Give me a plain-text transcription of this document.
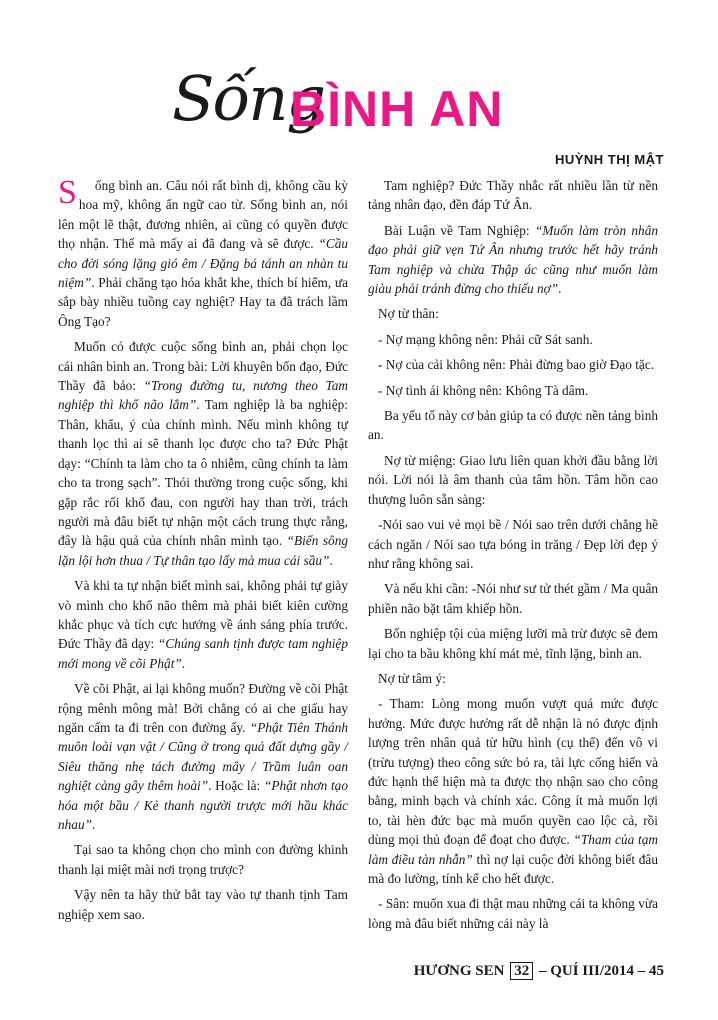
Sống
BÌNH AN
HUỲNH THỊ MẬT

S ống bình an. Câu nói rất bình dị, không cầu kỳ hoa mỹ, không ẩn ngữ cao từ. Sống bình an, nói lên một lẽ thật, đương nhiên, ai cũng có quyền được thọ nhận. Thế mà mấy ai đã đang và sẽ được. “Cầu cho đời sóng lặng gió êm / Đặng bá tánh an nhàn tu niệm”. Phải chăng tạo hóa khắt khe, thích bí hiểm, ưa sắp bày nhiều tuồng cay nghiệt? Hay ta đã trách lầm Ông Tạo?

Muốn có được cuộc sống bình an, phải chọn lọc cái nhân bình an. Trong bài: Lời khuyên bổn đạo, Đức Thầy đã bảo: “Trong đường tu, nương theo Tam nghiệp thì khổ não lắm”. Tam nghiệp là ba nghiệp: Thân, khẩu, ý của chính mình. Nếu mình không tự thanh lọc thì ai sẽ thanh lọc được cho ta? Đức Phật dạy: “Chính ta làm cho ta ô nhiễm, cũng chính ta làm cho ta trong sạch”. Thói thường trong cuộc sống, khi gặp rắc rối khổ đau, con người hay than trời, trách người mà đâu biết tự nhận một cách trung thực rằng, đây là hậu quả của chính nhân mình tạo. “Biển sông lặn lội hơn thua / Tự thân tạo lấy mà mua cái sầu”.

Và khi ta tự nhận biết mình sai, không phải tự giày vò mình cho khổ não thêm mà phải biết kiên cường khắc phục và tích cực hướng về ánh sáng phía trước. Đức Thầy đã dạy: “Chúng sanh tịnh được tam nghiệp mới mong về cõi Phật”.

Về cõi Phật, ai lại không muốn? Đường về cõi Phật rộng mênh mông mà! Bởi chẳng có ai che giấu hay ngăn cấm ta đi trên con đường ấy. “Phật Tiên Thánh muôn loài vạn vật / Cũng ở trong quả đất dựng gầy / Siêu thăng nhẹ tách đường mây / Trầm luân oan nghiệt càng gây thêm hoài”. Hoặc là: “Phật nhơn tạo hóa một bầu / Kẻ thanh người trược mới hầu khác nhau”.

Tại sao ta không chọn cho mình con đường khinh thanh lại miệt mài nơi trọng trược?

Vậy nên ta hãy thử bắt tay vào tự thanh tịnh Tam nghiệp xem sao.

Tam nghiệp? Đức Thầy nhắc rất nhiều lần từ nền tảng nhân đạo, đền đáp Tứ Ân.

Bài Luận về Tam Nghiệp: “Muốn làm tròn nhân đạo phải giữ vẹn Tứ Ân nhưng trước hết hãy tránh Tam nghiệp và chừa Thập ác cũng như muốn làm giàu phải tránh đừng cho thiếu nợ”.

Nợ từ thân:

- Nợ mạng không nên: Phải cữ Sát sanh.

- Nợ của cải không nên: Phải đừng bao giờ Đạo tặc.

- Nợ tình ái không nên: Không Tà dâm.

Ba yếu tố này cơ bản giúp ta có được nền tảng bình an.

Nợ từ miệng: Giao lưu liên quan khởi đầu bằng lời nói. Lời nói là âm thanh của tâm hồn. Tâm hồn cao thượng luôn sẵn sàng:

-Nói sao vui vẻ mọi bề / Nói sao trên dưới chẳng hề cách ngăn / Nói sao tựa bóng in trăng / Đẹp lời đẹp ý như rằng không sai.

Và nếu khi cần: -Nói như sư tử thét gầm / Ma quân phiền não bặt tâm khiếp hồn.

Bốn nghiệp tội của miệng lưỡi mà trừ được sẽ đem lại cho ta bầu không khí mát mẻ, tĩnh lặng, bình an.

Nợ từ tâm ý:

- Tham: Lòng mong muốn vượt quá mức được hưởng. Mức được hưởng rất dễ nhận là nó được định lượng trên nhân quả từ hữu hình (cụ thể) đến vô vi (trừu tượng) theo công sức bỏ ra, tài lực cống hiến và đức hạnh thể hiện mà ta được thọ nhận sao cho công bằng, minh bạch và chính xác. Công ít mà muốn lợi to, tài hèn đức bạc mà muốn quyền cao lộc cả, rồi dùng mọi thủ đoạn để đoạt cho được. “Tham của tạm làm điều tàn nhẫn” thì nợ lại cuộc đời không biết đâu mà đo lường, tính kể cho hết được.

- Sân: muốn xua đi thật mau những cái ta không vừa lòng mà đâu biết những cái này là

HƯƠNG SEN 32 – QUÍ III/2014 – 45
